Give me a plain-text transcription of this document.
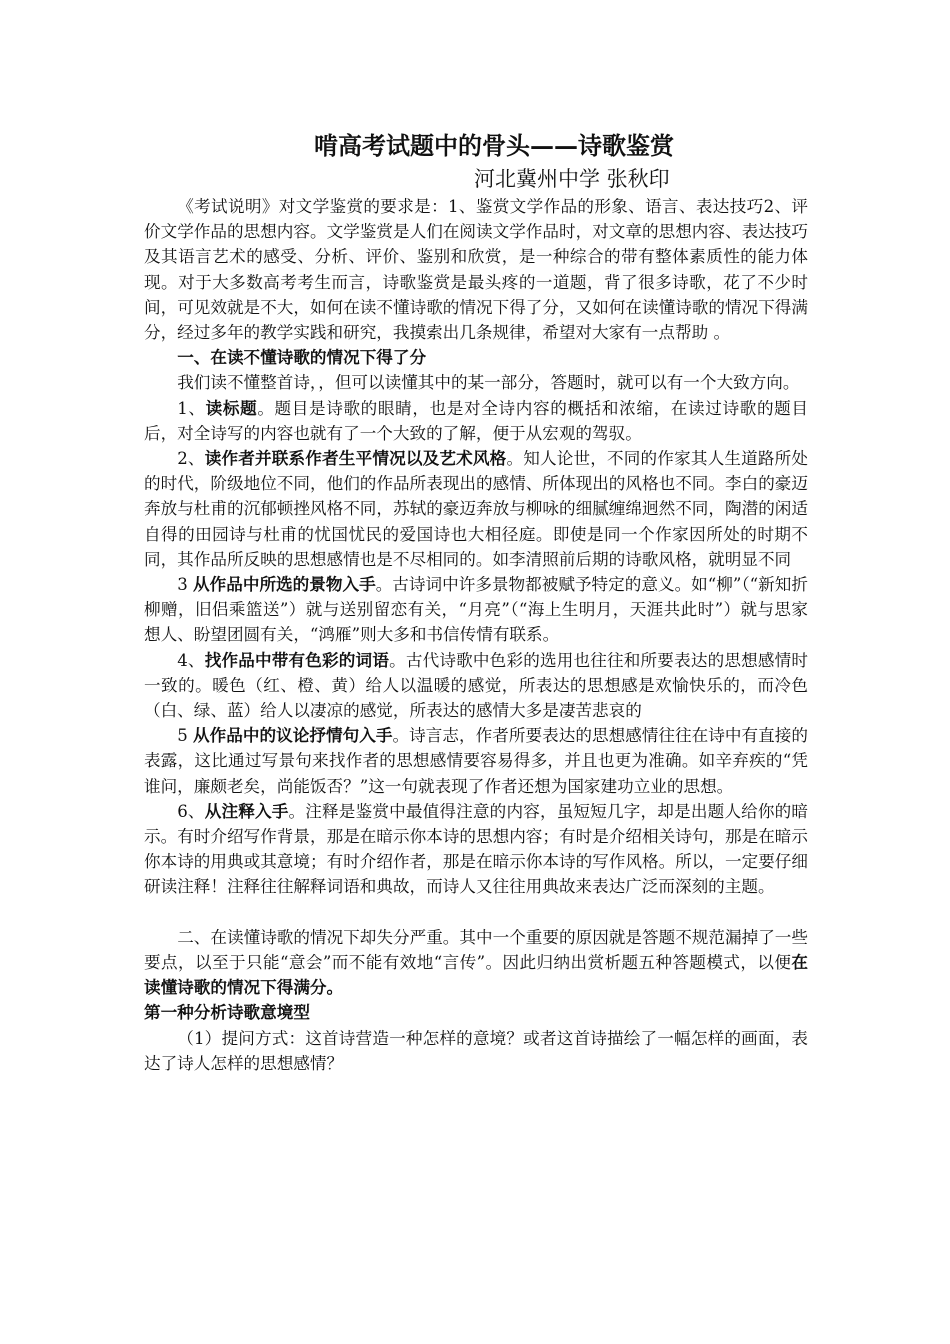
啃高考试题中的骨头——诗歌鉴赏
河北冀州中学 张秋印

《考试说明》对文学鉴赏的要求是：1、鉴赏文学作品的形象、语言、表达技巧2、评价文学作品的思想内容。文学鉴赏是人们在阅读文学作品时，对文章的思想内容、表达技巧及其语言艺术的感受、分析、评价、鉴别和欣赏，是一种综合的带有整体素质性的能力体现。对于大多数高考考生而言，诗歌鉴赏是最头疼的一道题，背了很多诗歌，花了不少时间，可见效就是不大，如何在读不懂诗歌的情况下得了分，又如何在读懂诗歌的情况下得满分，经过多年的教学实践和研究，我摸索出几条规律，希望对大家有一点帮助 。

一、在读不懂诗歌的情况下得了分

我们读不懂整首诗，，但可以读懂其中的某一部分，答题时，就可以有一个大致方向。

1、读标题。题目是诗歌的眼睛，也是对全诗内容的概括和浓缩，在读过诗歌的题目后，对全诗写的内容也就有了一个大致的了解，便于从宏观的驾驭。

2、读作者并联系作者生平情况以及艺术风格。知人论世，不同的作家其人生道路所处的时代，阶级地位不同，他们的作品所表现出的感情、所体现出的风格也不同。李白的豪迈奔放与杜甫的沉郁顿挫风格不同，苏轼的豪迈奔放与柳咏的细腻缠绵迥然不同，陶潜的闲适自得的田园诗与杜甫的忧国忧民的爱国诗也大相径庭。即使是同一个作家因所处的时期不同，其作品所反映的思想感情也是不尽相同的。如李清照前后期的诗歌风格，就明显不同

3 从作品中所选的景物入手。古诗词中许多景物都被赋予特定的意义。如“柳”（“新知折柳赠，旧侣乘篮送”）就与送别留恋有关，“月亮”（“海上生明月，天涯共此时”）就与思家想人、盼望团圆有关，“鸿雁”则大多和书信传情有联系。

4、找作品中带有色彩的词语。古代诗歌中色彩的选用也往往和所要表达的思想感情时一致的。暖色（红、橙、黄）给人以温暖的感觉，所表达的思想感是欢愉快乐的，而冷色（白、绿、蓝）给人以凄凉的感觉，所表达的感情大多是凄苦悲哀的

5 从作品中的议论抒情句入手。诗言志，作者所要表达的思想感情往往在诗中有直接的表露，这比通过写景句来找作者的思想感情要容易得多，并且也更为准确。如辛弃疾的“凭谁问，廉颇老矣，尚能饭否？”这一句就表现了作者还想为国家建功立业的思想。

6、从注释入手。注释是鉴赏中最值得注意的内容，虽短短几字，却是出题人给你的暗示。有时介绍写作背景，那是在暗示你本诗的思想内容；有时是介绍相关诗句，那是在暗示你本诗的用典或其意境；有时介绍作者，那是在暗示你本诗的写作风格。所以，一定要仔细研读注释！注释往往解释词语和典故，而诗人又往往用典故来表达广泛而深刻的主题。

二、在读懂诗歌的情况下却失分严重。其中一个重要的原因就是答题不规范漏掉了一些要点，以至于只能“意会”而不能有效地“言传”。因此归纳出赏析题五种答题模式，以便在读懂诗歌的情况下得满分。

第一种分析诗歌意境型

（1）提问方式：这首诗营造一种怎样的意境？或者这首诗描绘了一幅怎样的画面，表达了诗人怎样的思想感情？
